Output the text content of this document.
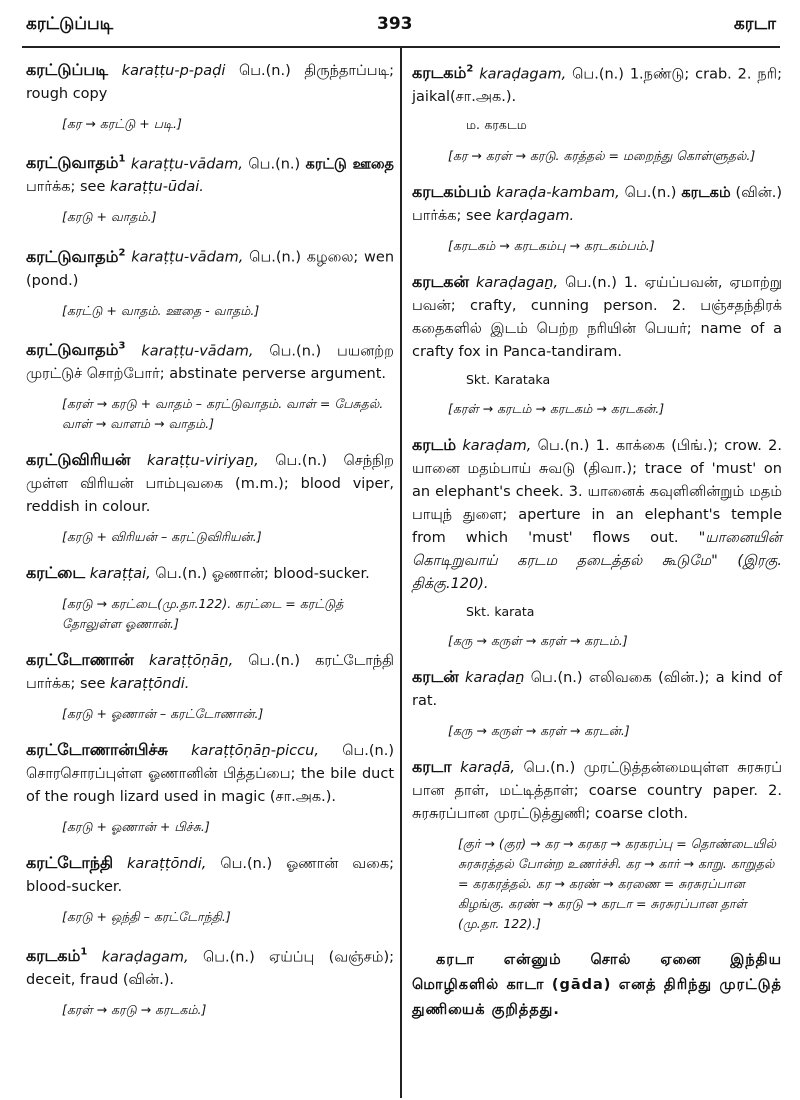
கரட்டுப்படி	393	கரடா
கரட்டுப்படி karaṭṭu-p-paḍi பெ.(n.) திருந்தாப்படி; rough copy
[கர → கரட்டு + படி.]
கரட்டுவாதம்$^1$ karaṭṭu-vādam, பெ.(n.) கரட்டு ஊதை பார்க்க; see karaṭṭu-ūdai.
[கரடு + வாதம்.]
கரட்டுவாதம்$^2$ karaṭṭu-vādam, பெ.(n.) கழலை; wen (pond.)
[கரட்டு + வாதம். ஊதை - வாதம்.]
கரட்டுவாதம்$^3$ karaṭṭu-vādam, பெ.(n.) பயனற்ற முரட்டுச் சொற்போர்; abstinate perverse argument.
[கரள் → கரடு + வாதம் – கரட்டுவாதம். வாள் = பேசுதல். வாள் → வாளம் → வாதம்.]
கரட்டுவிரியன் karaṭṭu-viriyaṉ, பெ.(n.) செந்நிற முள்ள விரியன் பாம்புவகை (m.m.); blood viper, reddish in colour.
[கரடு + விரியன் – கரட்டுவிரியன்.]
கரட்டை karaṭṭai, பெ.(n.) ஓணான்; blood-sucker.
[கரடு → கரட்டை(மு.தா.122). கரட்டை = கரட்டுத் தோலுள்ள ஓணான்.]
கரட்டோணான் karaṭṭōṇāṉ, பெ.(n.) கரட்டோந்தி பார்க்க; see karaṭṭōndi.
[கரடு + ஓணான் – கரட்டோணான்.]
கரட்டோணான்பிச்சு karaṭṭōṇāṉ-piccu, பெ.(n.) சொரசொரப்புள்ள ஓணானின் பித்தப்பை; the bile duct of the rough lizard used in magic (சா.அக.).
[கரடு + ஓணான் + பிச்சு.]
கரட்டோந்தி karaṭṭōndi, பெ.(n.) ஓணான் வகை; blood-sucker.
[கரடு + ஒந்தி – கரட்டோந்தி.]
கரடகம்$^1$ karaḍagam, பெ.(n.) ஏய்ப்பு (வஞ்சம்); deceit, fraud (வின்.).
[கரள் → கரடு → கரடகம்.]
கரடகம்$^2$ karaḍagam, பெ.(n.) 1.நண்டு; crab. 2. நரி; jaikal(சா.அக.).
ம. கரகடம
[கர → கரள் → கரடு. கரத்தல் = மறைந்து கொள்ளுதல்.]
கரடகம்பம் karaḍa-kambam, பெ.(n.) கரடகம் (வின்.) பார்க்க; see karḍagam.
[கரடகம் → கரடகம்பு → கரடகம்பம்.]
கரடகன் karaḍagaṉ, பெ.(n.) 1. ஏய்ப்பவன், ஏமாற்று பவன்; crafty, cunning person. 2. பஞ்சதந்திரக் கதைகளில் இடம் பெற்ற நரியின் பெயர்; name of a crafty fox in Panca-tandiram.
Skt. Karataka
[கரள் → கரடம் → கரடகம் → கரடகன்.]
கரடம் karaḍam, பெ.(n.) 1. காக்கை (பிங்.); crow. 2. யானை மதம்பாய் சுவடு (திவா.); trace of 'must' on an elephant's cheek. 3. யானைக் கவுளினின்றும் மதம் பாயுந் துளை; aperture in an elephant's temple from which 'must' flows out. "யானையின் கொடிறுவாய் கரடம தடைத்தல் கூடுமே" (இரகு. திக்கு.120).
Skt. karata
[கரு → கருள் → கரள் → கரடம்.]
கரடன் karaḍaṉ பெ.(n.) எலிவகை (வின்.); a kind of rat.
[கரு → கருள் → கரள் → கரடன்.]
கரடா karaḍā, பெ.(n.) முரட்டுத்தன்மையுள்ள சுரசுரப் பான தாள், மட்டித்தாள்; coarse country paper. 2. சுரசுரப்பான முரட்டுத்துணி; coarse cloth.
[குர் → (குர) → கர → கரகர → கரகரப்பு = தொண்டையில் சுரசுரத்தல் போன்ற உணர்ச்சி. கர → கார் → காறு. காறுதல் = கரகரத்தல். கர → கரண் → கரணை = சுரசுரப்பான கிழங்கு. கரண் → கரடு → கரடா = சுரசுரப்பான தாள் (மு.தா. 122).]
கரடா என்னும் சொல் ஏனை இந்திய மொழிகளில் காடா (gāda) எனத் திரிந்து முரட்டுத் துணியைக் குறித்தது.
